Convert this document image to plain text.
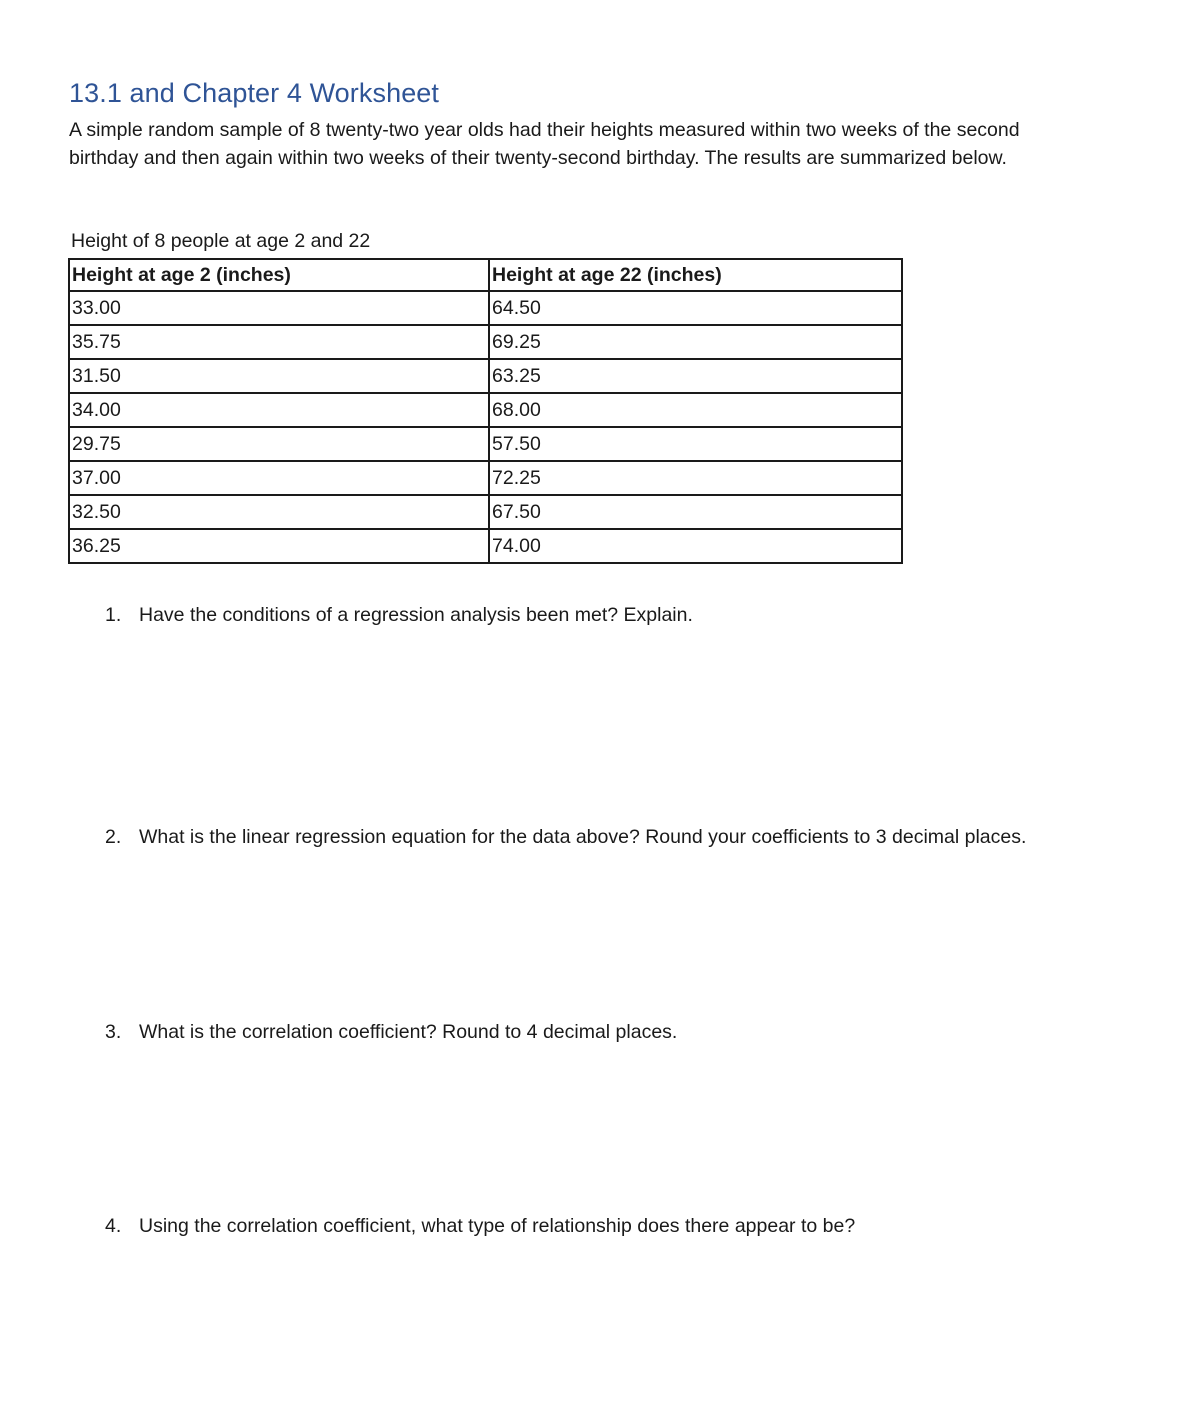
13.1 and Chapter 4 Worksheet

A simple random sample of 8 twenty-two year olds had their heights measured within two weeks of the second birthday and then again within two weeks of their twenty-second birthday. The results are summarized below.

Height of 8 people at age 2 and 22

Height at age 2 (inches)	Height at age 22 (inches)
33.00	64.50
35.75	69.25
31.50	63.25
34.00	68.00
29.75	57.50
37.00	72.25
32.50	67.50
36.25	74.00

1. Have the conditions of a regression analysis been met? Explain.

2. What is the linear regression equation for the data above? Round your coefficients to 3 decimal places.

3. What is the correlation coefficient? Round to 4 decimal places.

4. Using the correlation coefficient, what type of relationship does there appear to be?
